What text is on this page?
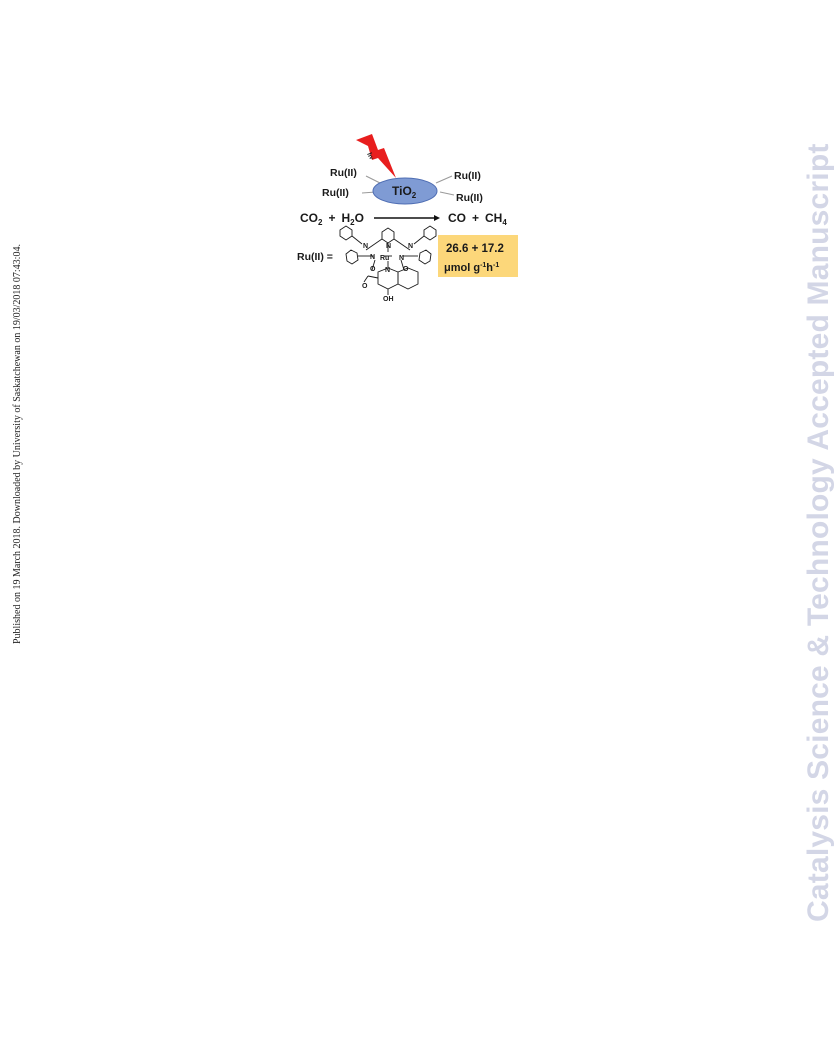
Published on 19 March 2018. Downloaded by University of Saskatchewan on 19/03/2018 07:43:04.	Catalysis Science & Technology Accepted Manuscript
hν
TiO$_2$
Ru(II)
Ru(II)
Ru(II)
Ru(II)
$CO_2 + H_2O$	CO + $CH_4$
Ru(II) =
N	N
N Ru N
N
O	O
N
O
OH
26.6 + 17.2
μmol $g^{-1}h^{-1}$
